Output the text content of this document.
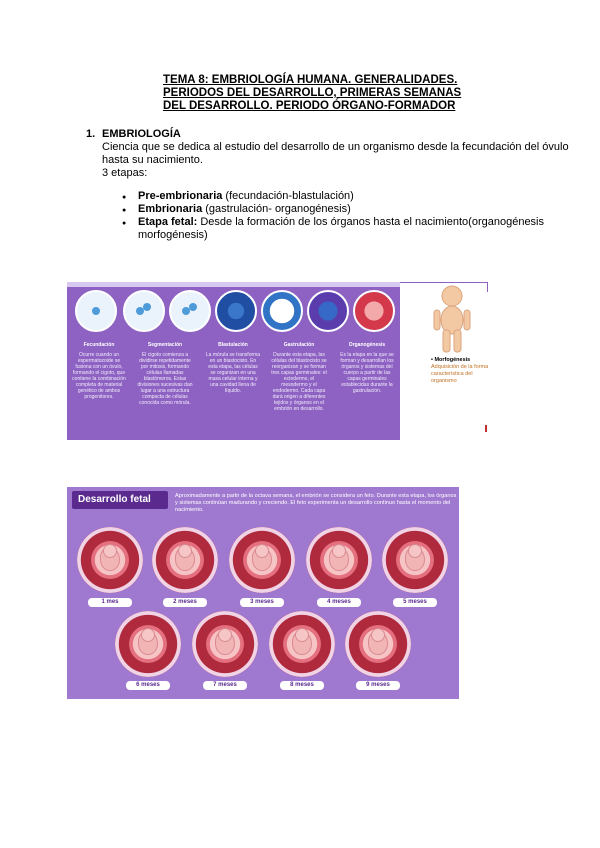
TEMA 8: EMBRIOLOGÍA HUMANA. GENERALIDADES.
PERIODOS DEL DESARROLLO, PRIMERAS SEMANAS
DEL DESARROLLO. PERIODO ÓRGANO-FORMADOR
1. EMBRIOLOGÍA
Ciencia que se dedica al estudio del desarrollo de un organismo desde la fecundación del óvulo hasta su nacimiento.
3 etapas:
● Pre-embrionaria (fecundación-blastulación)
● Embrionaria (gastrulación- organogénesis)
● Etapa fetal: Desde la formación de los órganos hasta el nacimiento(organogénesis morfogénesis)
Fecundación
Ocurre cuando un espermatozoide se fusiona con un óvulo, formando el cigoto, que contiene la combinación completa de material genético de ambos progenitores.
Segmentación
El cigoto comienza a dividirse repetidamente por mitosis, formando células llamadas blastómeros. Estas divisiones sucesivas dan lugar a una estructura compacta de células conocida como mórula.
Blastulación
La mórula se transforma en un blastocisto. En esta etapa, las células se organizan en una masa celular interna y una cavidad llena de líquido.
Gastrulación
Durante esta etapa, las células del blastocisto se reorganizan y se forman tres capas germinales: el ectodermo, el mesodermo y el endodermo. Cada capa dará origen a diferentes tejidos y órganos en el embrión en desarrollo.
Organogénesis
Es la etapa en la que se forman y desarrollan los órganos y sistemas del cuerpo a partir de las capas germinales establecidas durante la gastrulación.
• Morfogénesis
Adquisición de la forma característica del organismo
Desarrollo fetal	Aproximadamente a partir de la octava semana, el embrión se considera un feto. Durante esta etapa, los órganos y sistemas continúan madurando y creciendo. El feto experimenta un desarrollo continuo hasta el momento del nacimiento.
1 mes	2 meses	3 meses	4 meses	5 meses
6 meses	7 meses	8 meses	9 meses
